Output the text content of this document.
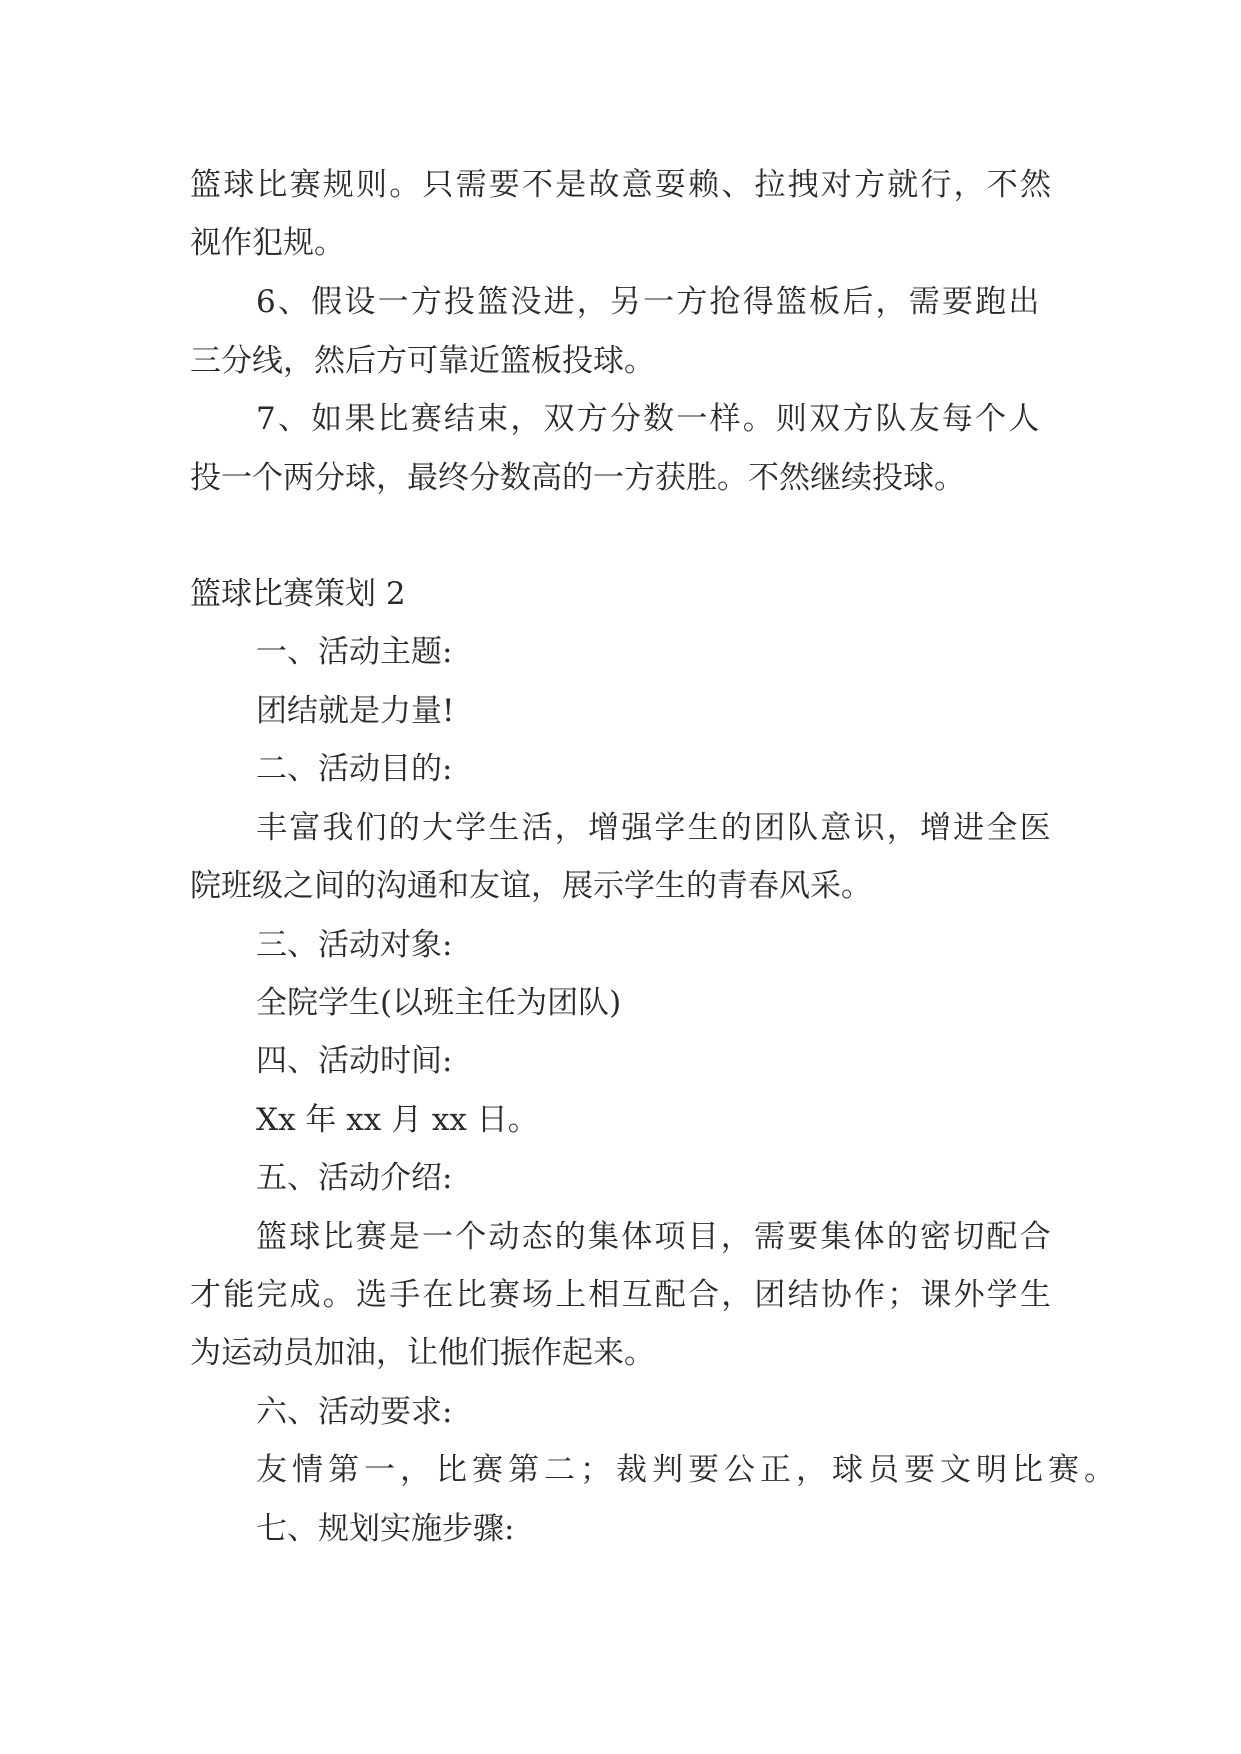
篮球比赛规则。只需要不是故意耍赖、拉拽对方就行，不然
视作犯规。
6、假设一方投篮没进，另一方抢得篮板后，需要跑出
三分线，然后方可靠近篮板投球。
7、如果比赛结束，双方分数一样。则双方队友每个人
投一个两分球，最终分数高的一方获胜。不然继续投球。
篮球比赛策划 2
一、活动主题:
团结就是力量!
二、活动目的:
丰富我们的大学生活，增强学生的团队意识，增进全医
院班级之间的沟通和友谊，展示学生的青春风采。
三、活动对象:
全院学生(以班主任为团队)
四、活动时间:
Xx 年 xx 月 xx 日。
五、活动介绍:
篮球比赛是一个动态的集体项目，需要集体的密切配合
才能完成。选手在比赛场上相互配合，团结协作；课外学生
为运动员加油，让他们振作起来。
六、活动要求:
友情第一，比赛第二；裁判要公正，球员要文明比赛。
七、规划实施步骤:
